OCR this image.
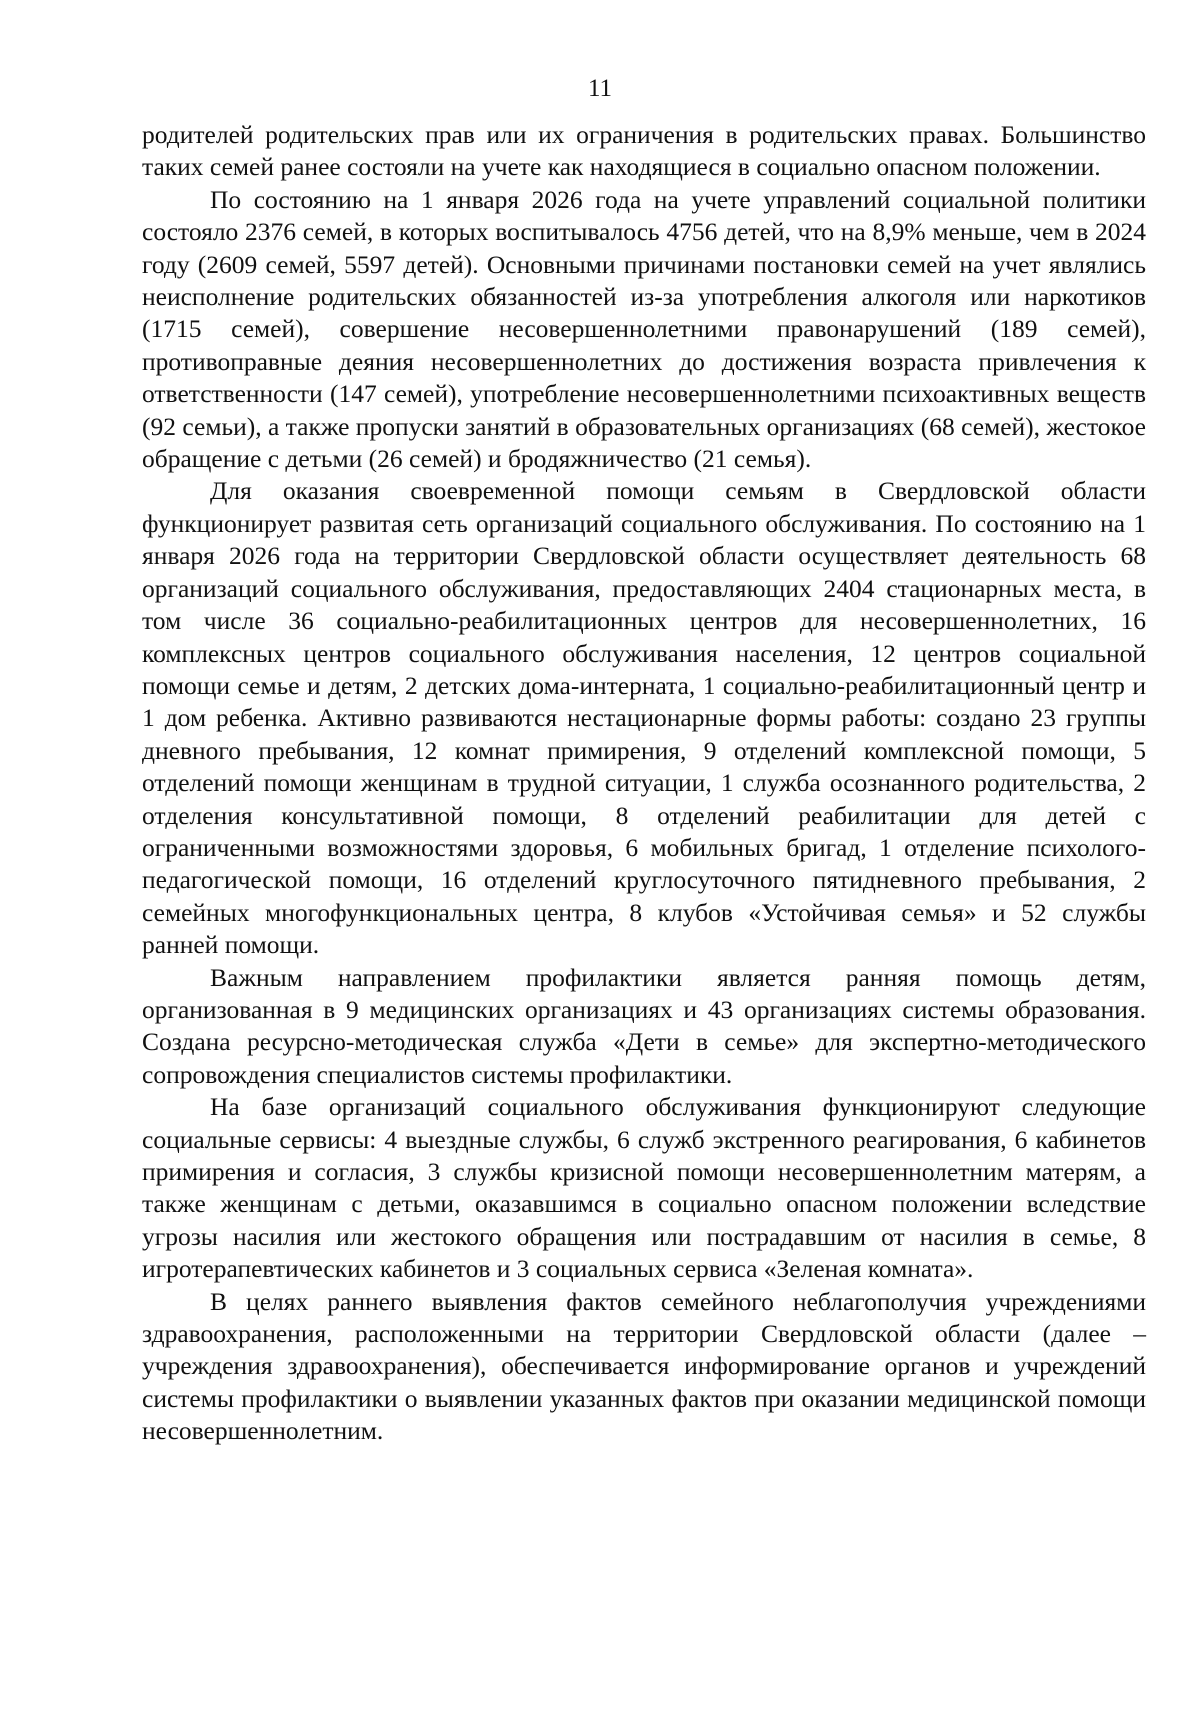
11

родителей родительских прав или их ограничения в родительских правах. Большинство таких семей ранее состояли на учете как находящиеся в социально опасном положении.

По состоянию на 1 января 2026 года на учете управлений социальной политики состояло 2376 семей, в которых воспитывалось 4756 детей, что на 8,9% меньше, чем в 2024 году (2609 семей, 5597 детей). Основными причинами постановки семей на учет являлись неисполнение родительских обязанностей из-за употребления алкоголя или наркотиков (1715 семей), совершение несовершеннолетними правонарушений (189 семей), противоправные деяния несовершеннолетних до достижения возраста привлечения к ответственности (147 семей), употребление несовершеннолетними психоактивных веществ (92 семьи), а также пропуски занятий в образовательных организациях (68 семей), жестокое обращение с детьми (26 семей) и бродяжничество (21 семья).

Для оказания своевременной помощи семьям в Свердловской области функционирует развитая сеть организаций социального обслуживания. По состоянию на 1 января 2026 года на территории Свердловской области осуществляет деятельность 68 организаций социального обслуживания, предоставляющих 2404 стационарных места, в том числе 36 социально-реабилитационных центров для несовершеннолетних, 16 комплексных центров социального обслуживания населения, 12 центров социальной помощи семье и детям, 2 детских дома-интерната, 1 социально-реабилитационный центр и 1 дом ребенка. Активно развиваются нестационарные формы работы: создано 23 группы дневного пребывания, 12 комнат примирения, 9 отделений комплексной помощи, 5 отделений помощи женщинам в трудной ситуации, 1 служба осознанного родительства, 2 отделения консультативной помощи, 8 отделений реабилитации для детей с ограниченными возможностями здоровья, 6 мобильных бригад, 1 отделение психолого-педагогической помощи, 16 отделений круглосуточного пятидневного пребывания, 2 семейных многофункциональных центра, 8 клубов «Устойчивая семья» и 52 службы ранней помощи.

Важным направлением профилактики является ранняя помощь детям, организованная в 9 медицинских организациях и 43 организациях системы образования. Создана ресурсно-методическая служба «Дети в семье» для экспертно-методического сопровождения специалистов системы профилактики.

На базе организаций социального обслуживания функционируют следующие социальные сервисы: 4 выездные службы, 6 служб экстренного реагирования, 6 кабинетов примирения и согласия, 3 службы кризисной помощи несовершеннолетним матерям, а также женщинам с детьми, оказавшимся в социально опасном положении вследствие угрозы насилия или жестокого обращения или пострадавшим от насилия в семье, 8 игротерапевтических кабинетов и 3 социальных сервиса «Зеленая комната».

В целях раннего выявления фактов семейного неблагополучия учреждениями здравоохранения, расположенными на территории Свердловской области (далее – учреждения здравоохранения), обеспечивается информирование органов и учреждений системы профилактики о выявлении указанных фактов при оказании медицинской помощи несовершеннолетним.
